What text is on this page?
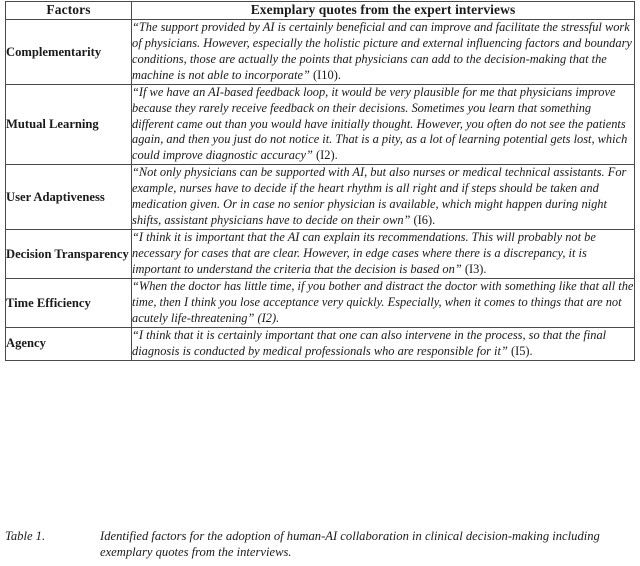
Factors	Exemplary quotes from the expert interviews
Complementarity	“The support provided by AI is certainly beneficial and can improve and facilitate the stressful work of physicians. However, especially the holistic picture and external influencing factors and boundary conditions, those are actually the points that physicians can add to the decision-making that the machine is not able to incorporate” (I10).
Mutual Learning	“If we have an AI-based feedback loop, it would be very plausible for me that physicians improve because they rarely receive feedback on their decisions. Sometimes you learn that something different came out than you would have initially thought. However, you often do not see the patients again, and then you just do not notice it. That is a pity, as a lot of learning potential gets lost, which could improve diagnostic accuracy” (I2).
User Adaptiveness	“Not only physicians can be supported with AI, but also nurses or medical technical assistants. For example, nurses have to decide if the heart rhythm is all right and if steps should be taken and medication given. Or in case no senior physician is available, which might happen during night shifts, assistant physicians have to decide on their own” (I6).
Decision Transparency	“I think it is important that the AI can explain its recommendations. This will probably not be necessary for cases that are clear. However, in edge cases where there is a discrepancy, it is important to understand the criteria that the decision is based on” (I3).
Time Efficiency	“When the doctor has little time, if you bother and distract the doctor with something like that all the time, then I think you lose acceptance very quickly. Especially, when it comes to things that are not acutely life-threatening” (I2).
Agency	“I think that it is certainly important that one can also intervene in the process, so that the final diagnosis is conducted by medical professionals who are responsible for it” (I5).
Table 1.	Identified factors for the adoption of human-AI collaboration in clinical decision-making including exemplary quotes from the interviews.
